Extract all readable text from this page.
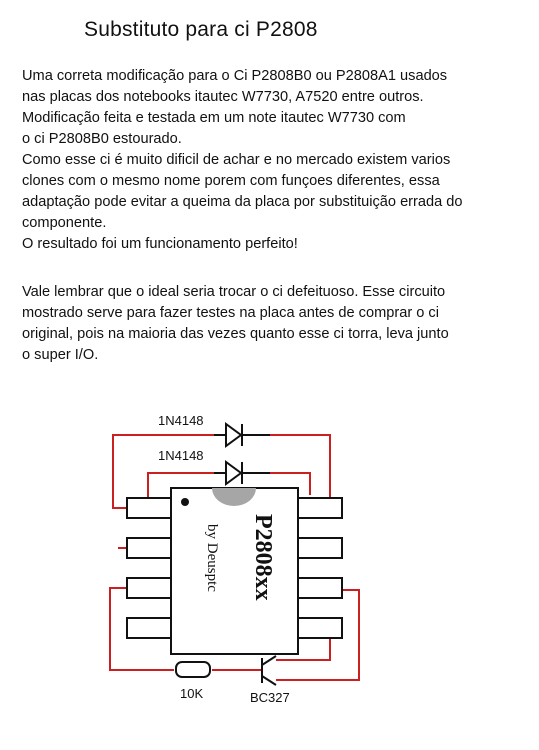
Substituto para ci P2808

Uma correta modificação para o Ci P2808B0 ou P2808A1 usados
nas placas dos notebooks itautec W7730, A7520 entre outros.
Modificação feita e testada em um note itautec W7730 com
o ci P2808B0 estourado.
Como esse ci é muito dificil de achar e no mercado existem varios
clones com o mesmo nome porem com funçoes diferentes, essa
adaptação pode evitar a queima da placa por substituição errada do
componente.
O resultado foi um funcionamento perfeito!

Vale lembrar que o ideal seria trocar o ci defeituoso. Esse circuito
mostrado serve para fazer testes na placa antes de comprar o ci
original, pois na maioria das vezes quanto esse ci torra, leva junto
o super I/O.

P2808xx
by Deusptc
1N4148
1N4148
10K	BC327
